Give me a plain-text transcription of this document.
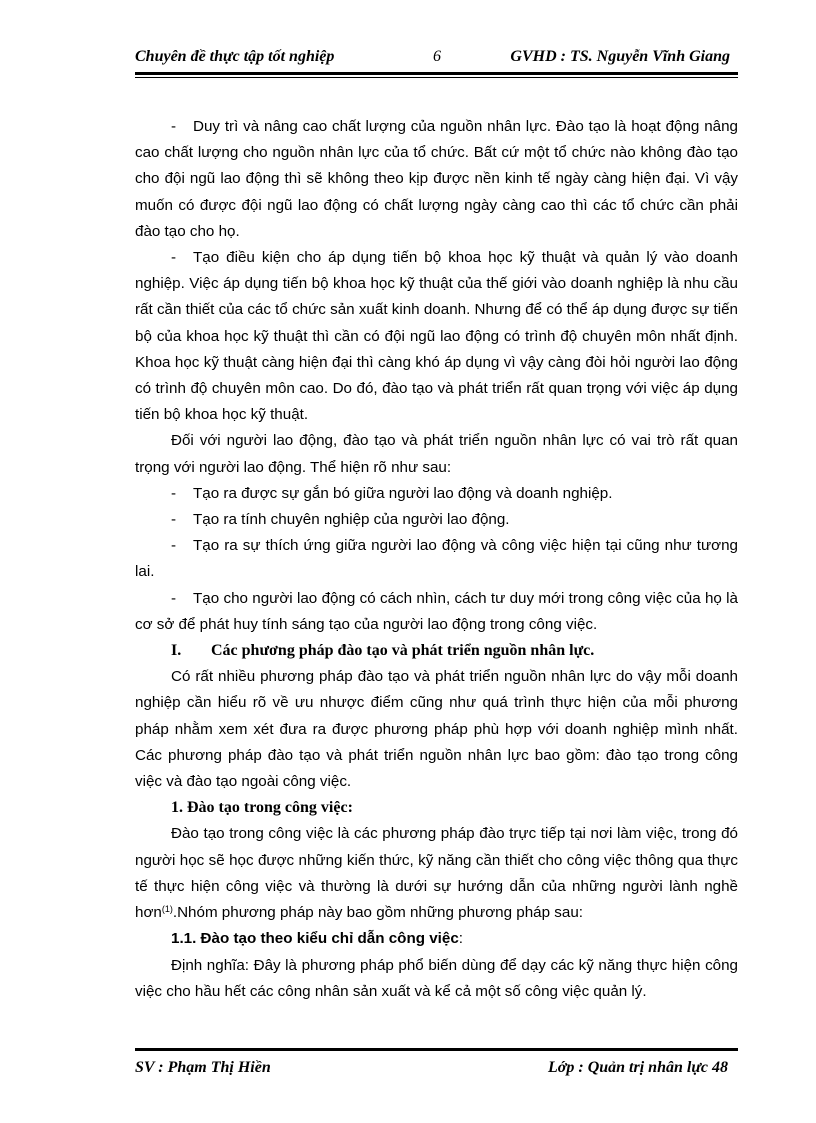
Chuyên đề thực tập tốt nghiệp	6	GVHD : TS. Nguyễn Vĩnh Giang

- Duy trì và nâng cao chất lượng của nguồn nhân lực. Đào tạo là hoạt động nâng cao chất lượng cho nguồn nhân lực của tổ chức. Bất cứ một tổ chức nào không đào tạo cho đội ngũ lao động thì sẽ không theo kịp được nền kinh tế ngày càng hiện đại. Vì vậy muốn có được đội ngũ lao động có chất lượng ngày càng cao thì các tổ chức cần phải đào tạo cho họ.

- Tạo điều kiện cho áp dụng tiến bộ khoa học kỹ thuật và quản lý vào doanh nghiệp. Việc áp dụng tiến bộ khoa học kỹ thuật của thế giới vào doanh nghiệp là nhu cầu rất cần thiết của các tổ chức sản xuất kinh doanh. Nhưng để có thể áp dụng được sự tiến bộ của khoa học kỹ thuật thì cần có đội ngũ lao động có trình độ chuyên môn nhất định. Khoa học kỹ thuật càng hiện đại thì càng khó áp dụng vì vậy càng đòi hỏi người lao động có trình độ chuyên môn cao. Do đó, đào tạo và phát triển rất quan trọng với việc áp dụng tiến bộ khoa học kỹ thuật.

Đối với người lao động, đào tạo và phát triển nguồn nhân lực có vai trò rất quan trọng với người lao động. Thể hiện rõ như sau:

- Tạo ra được sự gắn bó giữa người lao động và doanh nghiệp.

- Tạo ra tính chuyên nghiệp của người lao động.

- Tạo ra sự thích ứng giữa người lao động và công việc hiện tại cũng như tương lai.

- Tạo cho người lao động có cách nhìn, cách tư duy mới trong công việc của họ là cơ sở để phát huy tính sáng tạo của người lao động trong công việc.

I. Các phương pháp đào tạo và phát triển nguồn nhân lực.

Có rất nhiều phương pháp đào tạo và phát triển nguồn nhân lực do vậy mỗi doanh nghiệp cần hiểu rõ về ưu nhược điểm cũng như quá trình thực hiện của mỗi phương pháp nhằm xem xét đưa ra được phương pháp phù hợp với doanh nghiệp mình nhất. Các phương pháp đào tạo và phát triển nguồn nhân lực bao gồm: đào tạo trong công việc và đào tạo ngoài công việc.

1. Đào tạo trong công việc:

Đào tạo trong công việc là các phương pháp đào trực tiếp tại nơi làm việc, trong đó người học sẽ học được những kiến thức, kỹ năng cần thiết cho công việc thông qua thực tế thực hiện công việc và thường là dưới sự hướng dẫn của những người lành nghề hơn$^{(1)}$.Nhóm phương pháp này bao gồm những phương pháp sau:

1.1. Đào tạo theo kiểu chỉ dẫn công việc:

Định nghĩa: Đây là phương pháp phổ biến dùng để dạy các kỹ năng thực hiện công việc cho hầu hết các công nhân sản xuất và kể cả một số công việc quản lý.

SV : Phạm Thị Hiền	Lớp : Quản trị nhân lực 48
